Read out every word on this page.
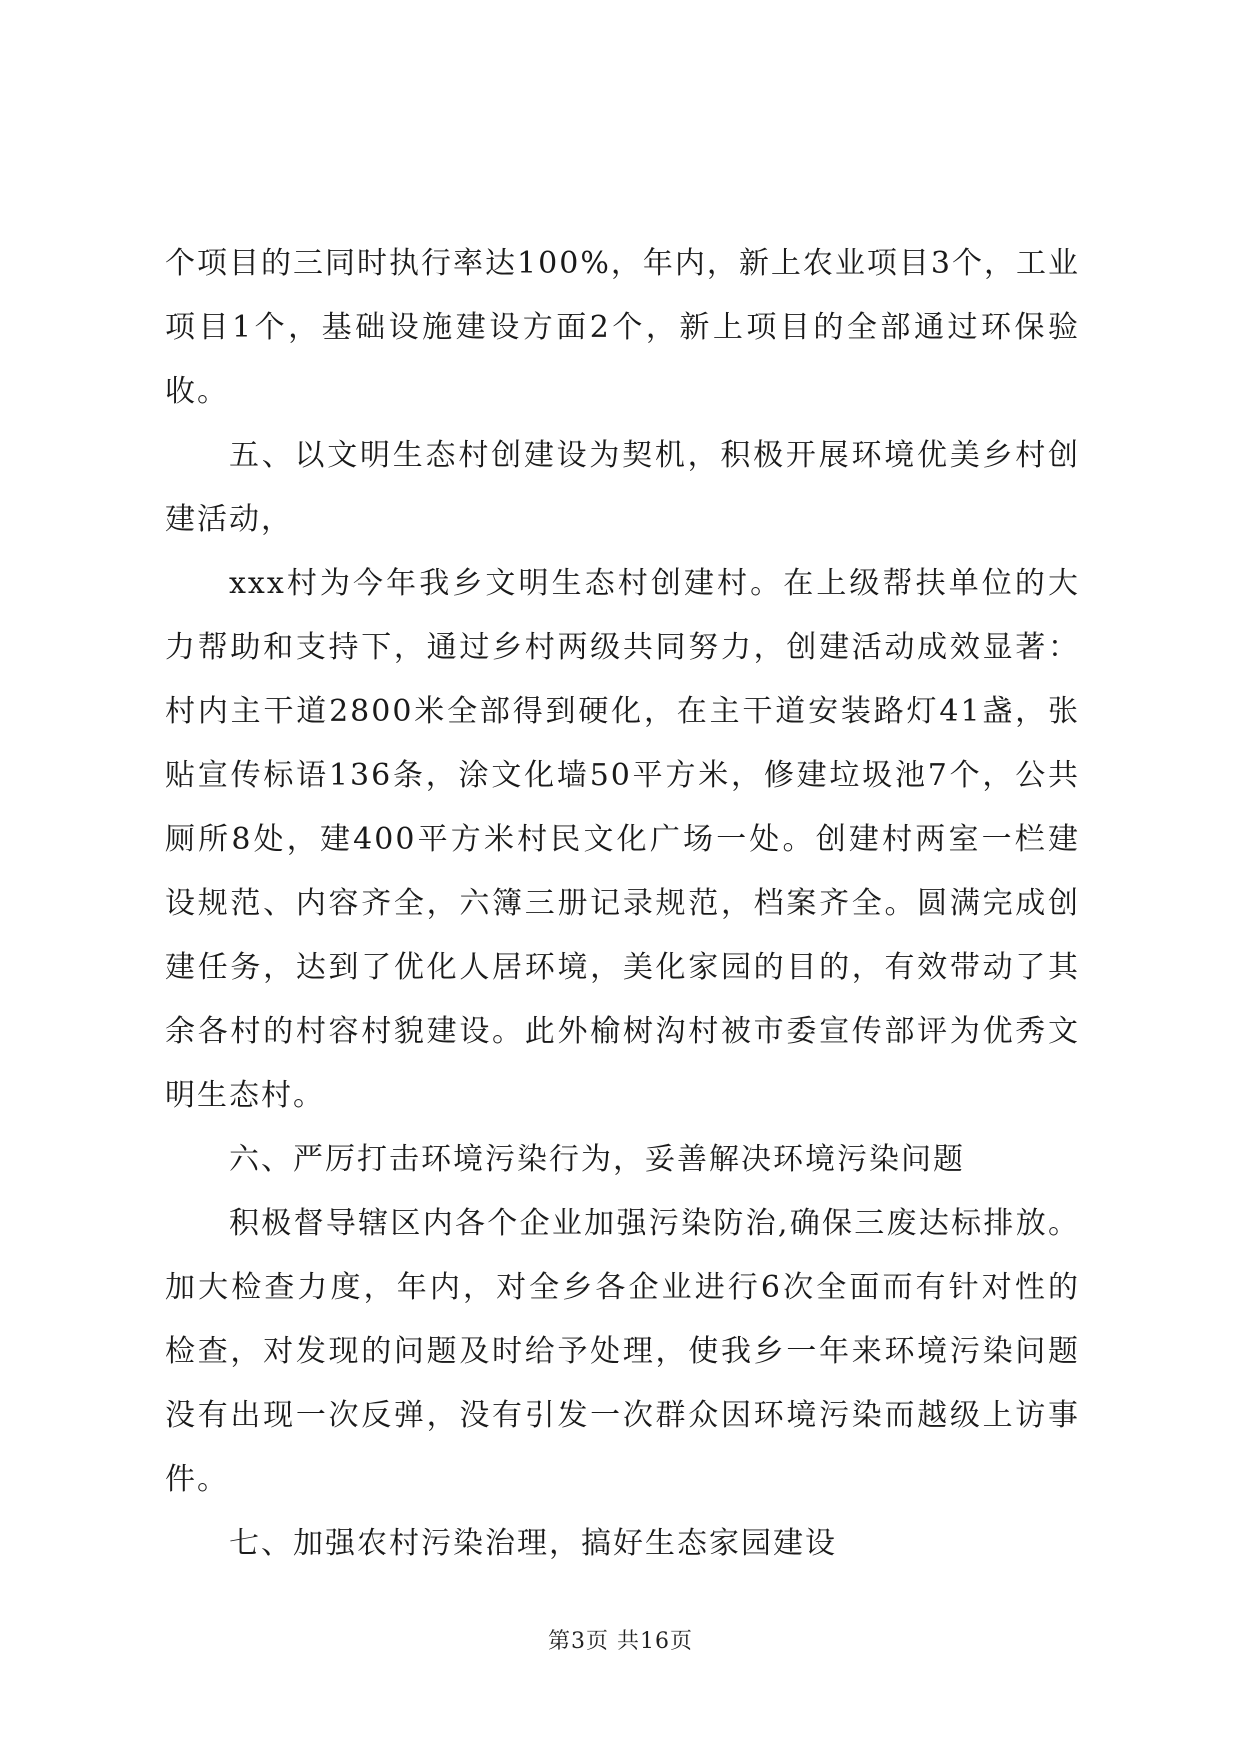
个项目的三同时执行率达100%，年内，新上农业项目3个，工业项目1个，基础设施建设方面2个，新上项目的全部通过环保验收。

五、以文明生态村创建设为契机，积极开展环境优美乡村创建活动，

xxx村为今年我乡文明生态村创建村。在上级帮扶单位的大力帮助和支持下，通过乡村两级共同努力，创建活动成效显著：村内主干道2800米全部得到硬化，在主干道安装路灯41盏，张贴宣传标语136条，涂文化墙50平方米，修建垃圾池7个，公共厕所8处，建400平方米村民文化广场一处。创建村两室一栏建设规范、内容齐全，六簿三册记录规范，档案齐全。圆满完成创建任务，达到了优化人居环境，美化家园的目的，有效带动了其余各村的村容村貌建设。此外榆树沟村被市委宣传部评为优秀文明生态村。

六、严厉打击环境污染行为，妥善解决环境污染问题

积极督导辖区内各个企业加强污染防治,确保三废达标排放。加大检查力度，年内，对全乡各企业进行6次全面而有针对性的检查，对发现的问题及时给予处理，使我乡一年来环境污染问题没有出现一次反弹，没有引发一次群众因环境污染而越级上访事件。

七、加强农村污染治理，搞好生态家园建设

第3页 共16页
